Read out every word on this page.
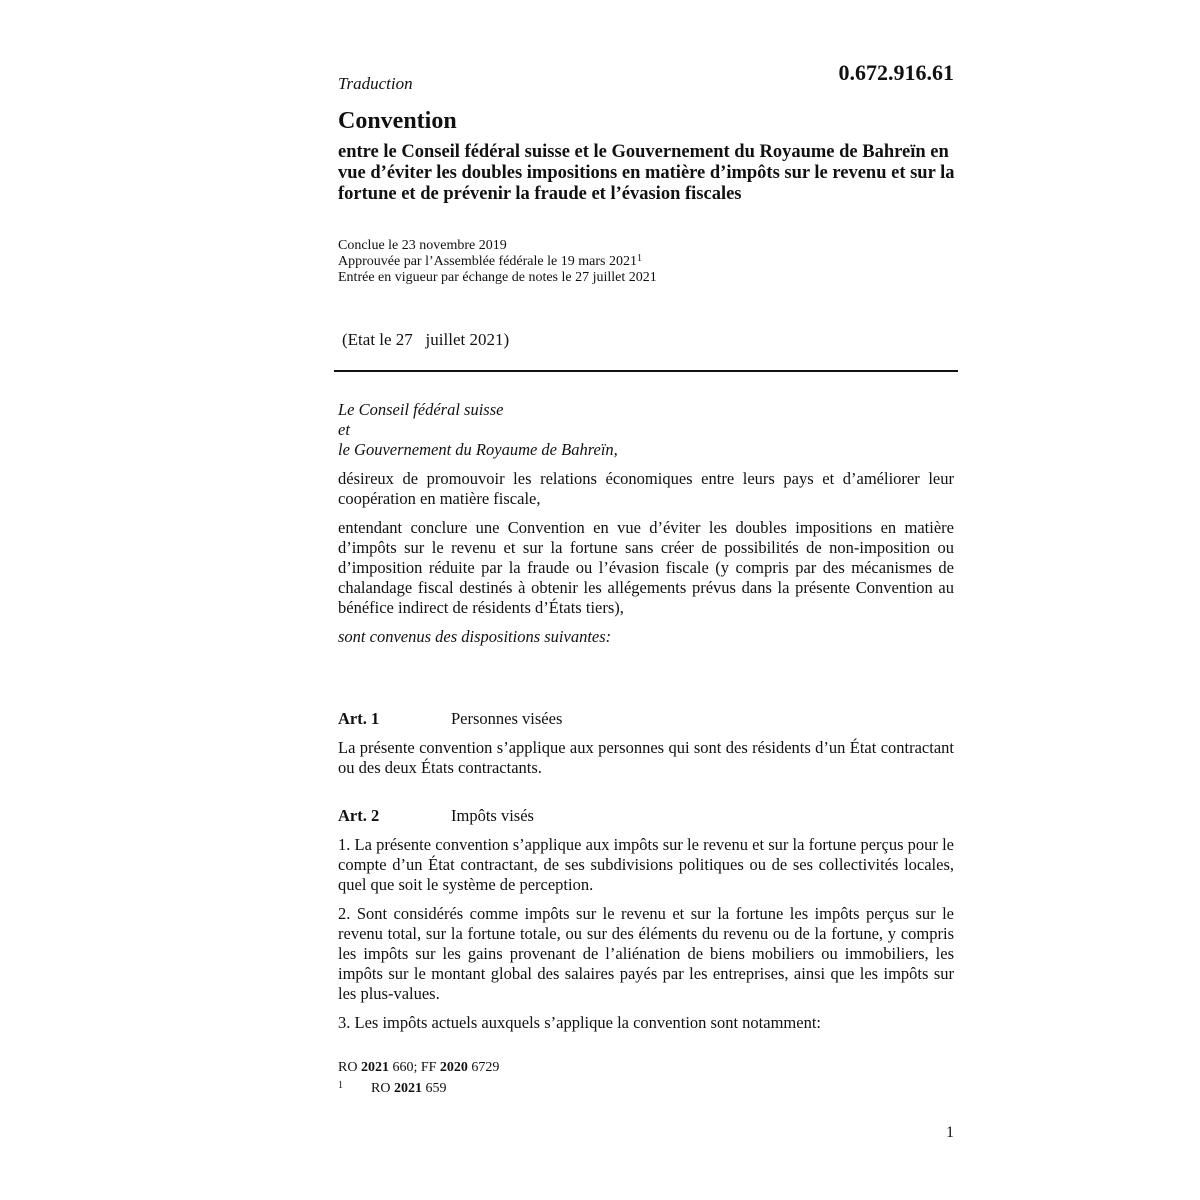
Traduction	0.672.916.61
Convention
entre le Conseil fédéral suisse et le Gouvernement du Royaume de Bahreïn en vue d’éviter les doubles impositions en matière d’impôts sur le revenu et sur la fortune et de prévenir la fraude et l’évasion fiscales
Conclue le 23 novembre 2019
Approuvée par l’Assemblée fédérale le 19 mars 2021$^1$
Entrée en vigueur par échange de notes le 27 juillet 2021
(Etat le 27   juillet 2021)
Le Conseil fédéral suisse
et
le Gouvernement du Royaume de Bahreïn,
désireux de promouvoir les relations économiques entre leurs pays et d’améliorer leur coopération en matière fiscale,
entendant conclure une Convention en vue d’éviter les doubles impositions en matière d’impôts sur le revenu et sur la fortune sans créer de possibilités de non-imposition ou d’imposition réduite par la fraude ou l’évasion fiscale (y compris par des mécanismes de chalandage fiscal destinés à obtenir les allégements prévus dans la présente Convention au bénéfice indirect de résidents d’États tiers),
sont convenus des dispositions suivantes:
Art. 1	Personnes visées
La présente convention s’applique aux personnes qui sont des résidents d’un État contractant ou des deux États contractants.
Art. 2	Impôts visés
1. La présente convention s’applique aux impôts sur le revenu et sur la fortune perçus pour le compte d’un État contractant, de ses subdivisions politiques ou de ses collectivités locales, quel que soit le système de perception.
2. Sont considérés comme impôts sur le revenu et sur la fortune les impôts perçus sur le revenu total, sur la fortune totale, ou sur des éléments du revenu ou de la fortune, y compris les impôts sur les gains provenant de l’aliénation de biens mobiliers ou immobiliers, les impôts sur le montant global des salaires payés par les entreprises, ainsi que les impôts sur les plus-values.
3. Les impôts actuels auxquels s’applique la convention sont notamment:
RO 2021 660; FF 2020 6729
1 RO 2021 659
1
